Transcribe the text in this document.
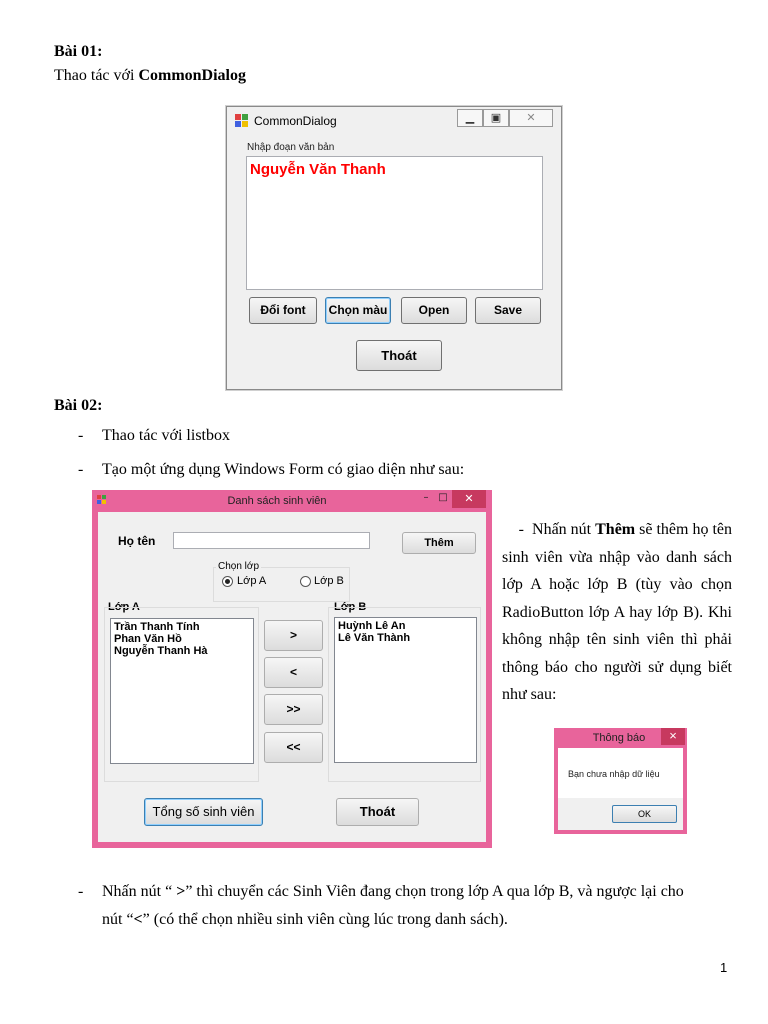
Bài 01:
Thao tác với CommonDialog
CommonDialog	▁	▣	✕
Nhập đoạn văn bản
Nguyễn Văn Thanh
Đổi font	Chọn màu	Open	Save
Thoát
Bài 02:
- Thao tác với listbox
- Tạo một ứng dụng Windows Form có giao diện như sau:
Danh sách sinh viên	– □	✕
Họ tên	Thêm
Chọn lớp
Lớp A	Lớp B
Lớp A
Trần Thanh Tính
Phan Văn Hồ
Nguyễn Thanh Hà
>
<
>>
<<
Lớp B
Huỳnh Lê An
Lê Văn Thành
Tổng số sinh viên	Thoát
- Nhấn nút Thêm sẽ thêm họ tên sinh viên vừa nhập vào danh sách lớp A hoặc lớp B (tùy vào chọn RadioButton lớp A hay lớp B). Khi không nhập tên sinh viên thì phải thông báo cho người sử dụng biết như sau:
Thông báo	×
Bạn chưa nhập dữ liệu
OK
- Nhấn nút “ >” thì chuyển các Sinh Viên đang chọn trong lớp A qua lớp B, và ngược lại cho
nút “<” (có thể chọn nhiều sinh viên cùng lúc trong danh sách).
1
